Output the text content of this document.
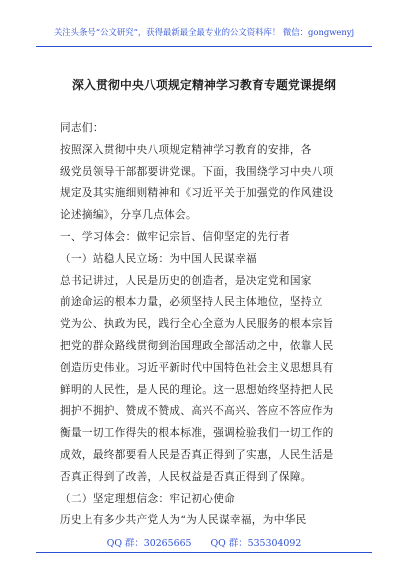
关注头条号“公文研究”，获得最新最全最专业的公文资料库！ 微信：gongwenyj
深入贯彻中央八项规定精神学习教育专题党课提纲

同志们：

按照深入贯彻中央八项规定精神学习教育的安排，各

级党员领导干部都要讲党课。下面，我围绕学习中央八项

规定及其实施细则精神和《习近平关于加强党的作风建设

论述摘编》，分享几点体会。

一、学习体会：做牢记宗旨、信仰坚定的先行者

（一）站稳人民立场：为中国人民谋幸福

总书记讲过，人民是历史的创造者，是决定党和国家

前途命运的根本力量，必须坚持人民主体地位，坚持立

党为公、执政为民，践行全心全意为人民服务的根本宗旨

把党的群众路线贯彻到治国理政全部活动之中，依靠人民

创造历史伟业。习近平新时代中国特色社会主义思想具有

鲜明的人民性，是人民的理论。这一思想始终坚持把人民

拥护不拥护、赞成不赞成、高兴不高兴、答应不答应作为

衡量一切工作得失的根本标准，强调检验我们一切工作的

成效，最终都要看人民是否真正得到了实惠，人民生活是

否真正得到了改善，人民权益是否真正得到了保障。

（二）坚定理想信念：牢记初心使命

历史上有多少共产党人为“为人民谋幸福，为中华民

QQ 群：30265665 QQ 群：535304092
